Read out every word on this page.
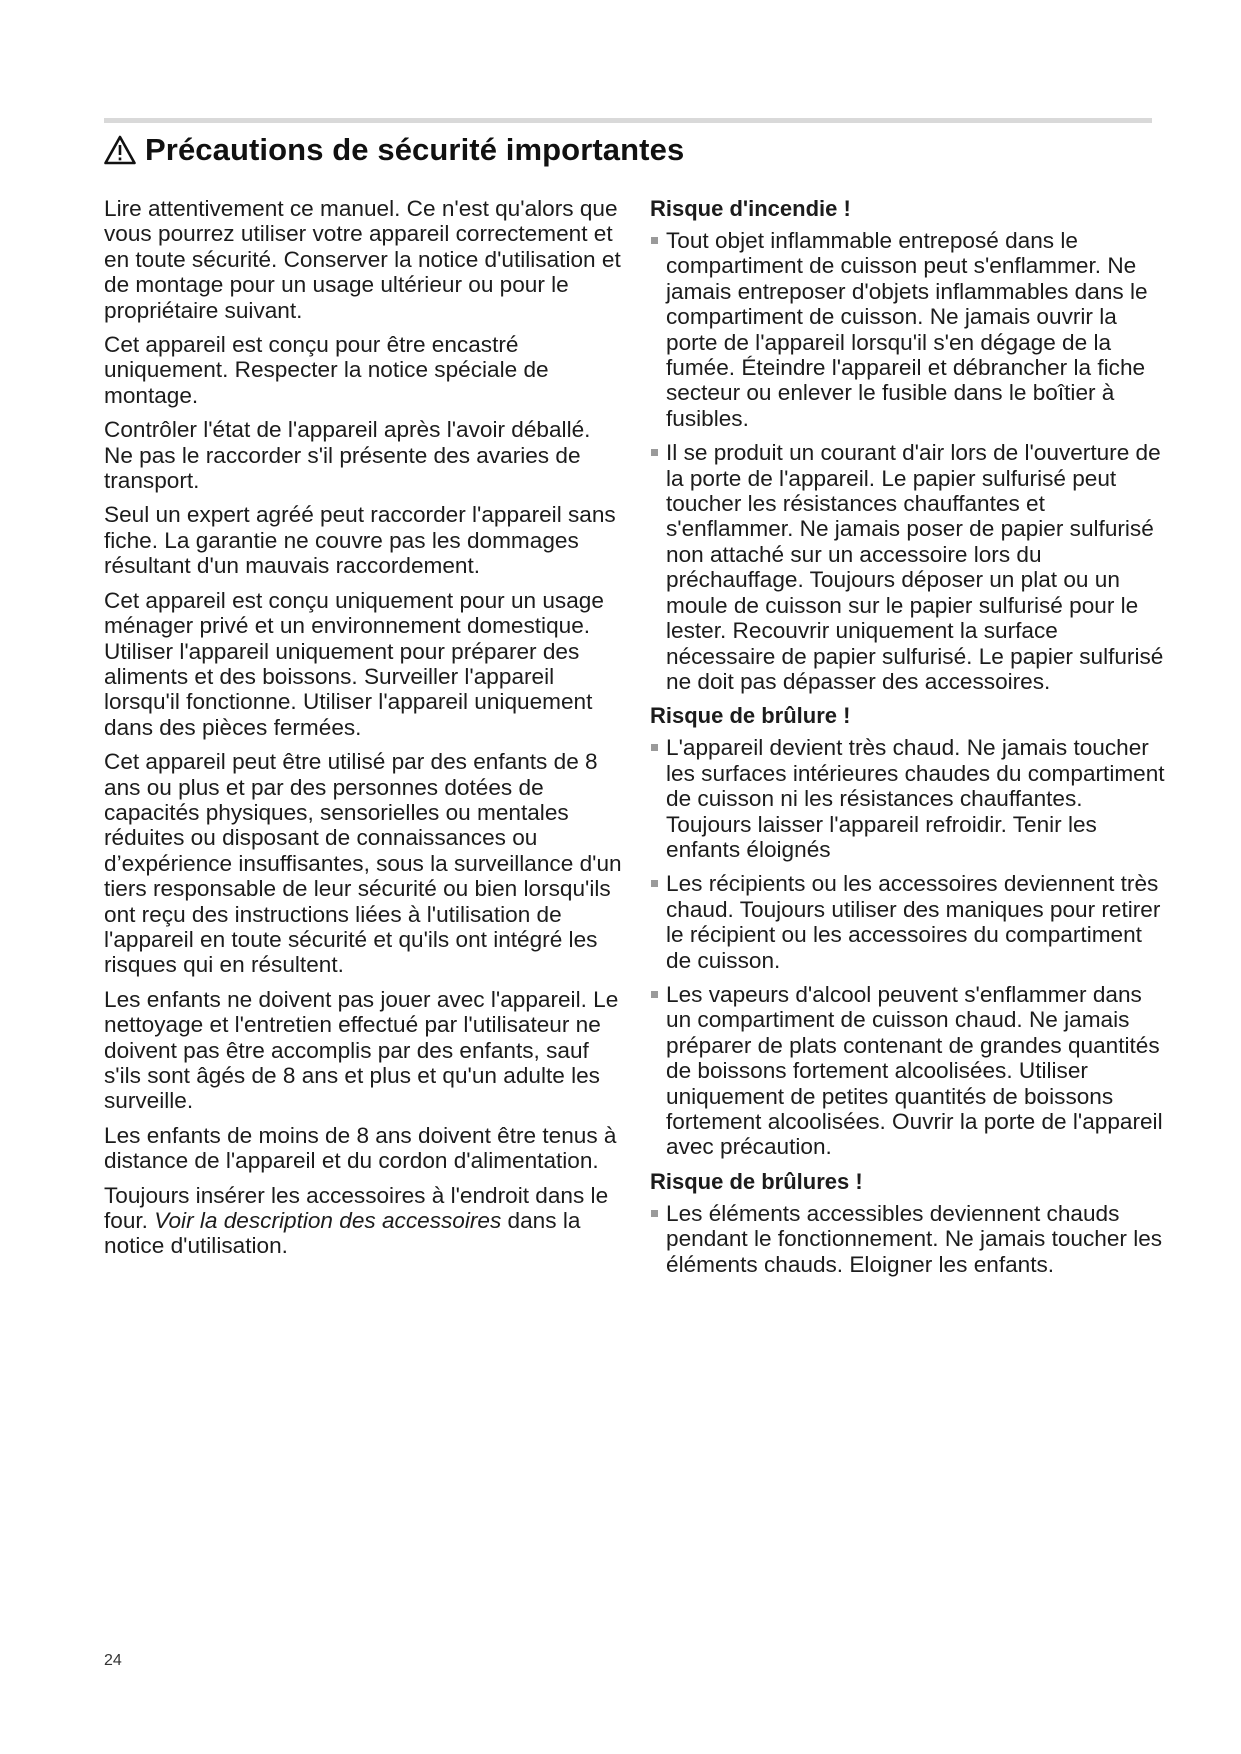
Précautions de sécurité importantes

Lire attentivement ce manuel. Ce n'est qu'alors que vous pourrez utiliser votre appareil correctement et en toute sécurité. Conserver la notice d'utilisation et de montage pour un usage ultérieur ou pour le propriétaire suivant.

Cet appareil est conçu pour être encastré uniquement. Respecter la notice spéciale de montage.

Contrôler l'état de l'appareil après l'avoir déballé. Ne pas le raccorder s'il présente des avaries de transport.

Seul un expert agréé peut raccorder l'appareil sans fiche. La garantie ne couvre pas les dommages résultant d'un mauvais raccordement.

Cet appareil est conçu uniquement pour un usage ménager privé et un environnement domestique. Utiliser l'appareil uniquement pour préparer des aliments et des boissons. Surveiller l'appareil lorsqu'il fonctionne. Utiliser l'appareil uniquement dans des pièces fermées.

Cet appareil peut être utilisé par des enfants de 8 ans ou plus et par des personnes dotées de capacités physiques, sensorielles ou mentales réduites ou disposant de connaissances ou d’expérience insuffisantes, sous la surveillance d'un tiers responsable de leur sécurité ou bien lorsqu'ils ont reçu des instructions liées à l'utilisation de l'appareil en toute sécurité et qu'ils ont intégré les risques qui en résultent.

Les enfants ne doivent pas jouer avec l'appareil. Le nettoyage et l'entretien effectué par l'utilisateur ne doivent pas être accomplis par des enfants, sauf s'ils sont âgés de 8 ans et plus et qu'un adulte les surveille.

Les enfants de moins de 8 ans doivent être tenus à distance de l'appareil et du cordon d'alimentation.

Toujours insérer les accessoires à l'endroit dans le four. Voir la description des accessoires dans la notice d'utilisation.

Risque d'incendie !
Tout objet inflammable entreposé dans le compartiment de cuisson peut s'enflammer. Ne jamais entreposer d'objets inflammables dans le compartiment de cuisson. Ne jamais ouvrir la porte de l'appareil lorsqu'il s'en dégage de la fumée. Éteindre l'appareil et débrancher la fiche secteur ou enlever le fusible dans le boîtier à fusibles.
Il se produit un courant d'air lors de l'ouverture de la porte de l'appareil. Le papier sulfurisé peut toucher les résistances chauffantes et s'enflammer. Ne jamais poser de papier sulfurisé non attaché sur un accessoire lors du préchauffage. Toujours déposer un plat ou un moule de cuisson sur le papier sulfurisé pour le lester. Recouvrir uniquement la surface nécessaire de papier sulfurisé. Le papier sulfurisé ne doit pas dépasser des accessoires.
Risque de brûlure !
L'appareil devient très chaud. Ne jamais toucher les surfaces intérieures chaudes du compartiment de cuisson ni les résistances chauffantes. Toujours laisser l'appareil refroidir. Tenir les enfants éloignés
Les récipients ou les accessoires deviennent très chaud. Toujours utiliser des maniques pour retirer le récipient ou les accessoires du compartiment de cuisson.
Les vapeurs d'alcool peuvent s'enflammer dans un compartiment de cuisson chaud. Ne jamais préparer de plats contenant de grandes quantités de boissons fortement alcoolisées. Utiliser uniquement de petites quantités de boissons fortement alcoolisées. Ouvrir la porte de l'appareil avec précaution.
Risque de brûlures !
Les éléments accessibles deviennent chauds pendant le fonctionnement. Ne jamais toucher les éléments chauds. Eloigner les enfants.
24
